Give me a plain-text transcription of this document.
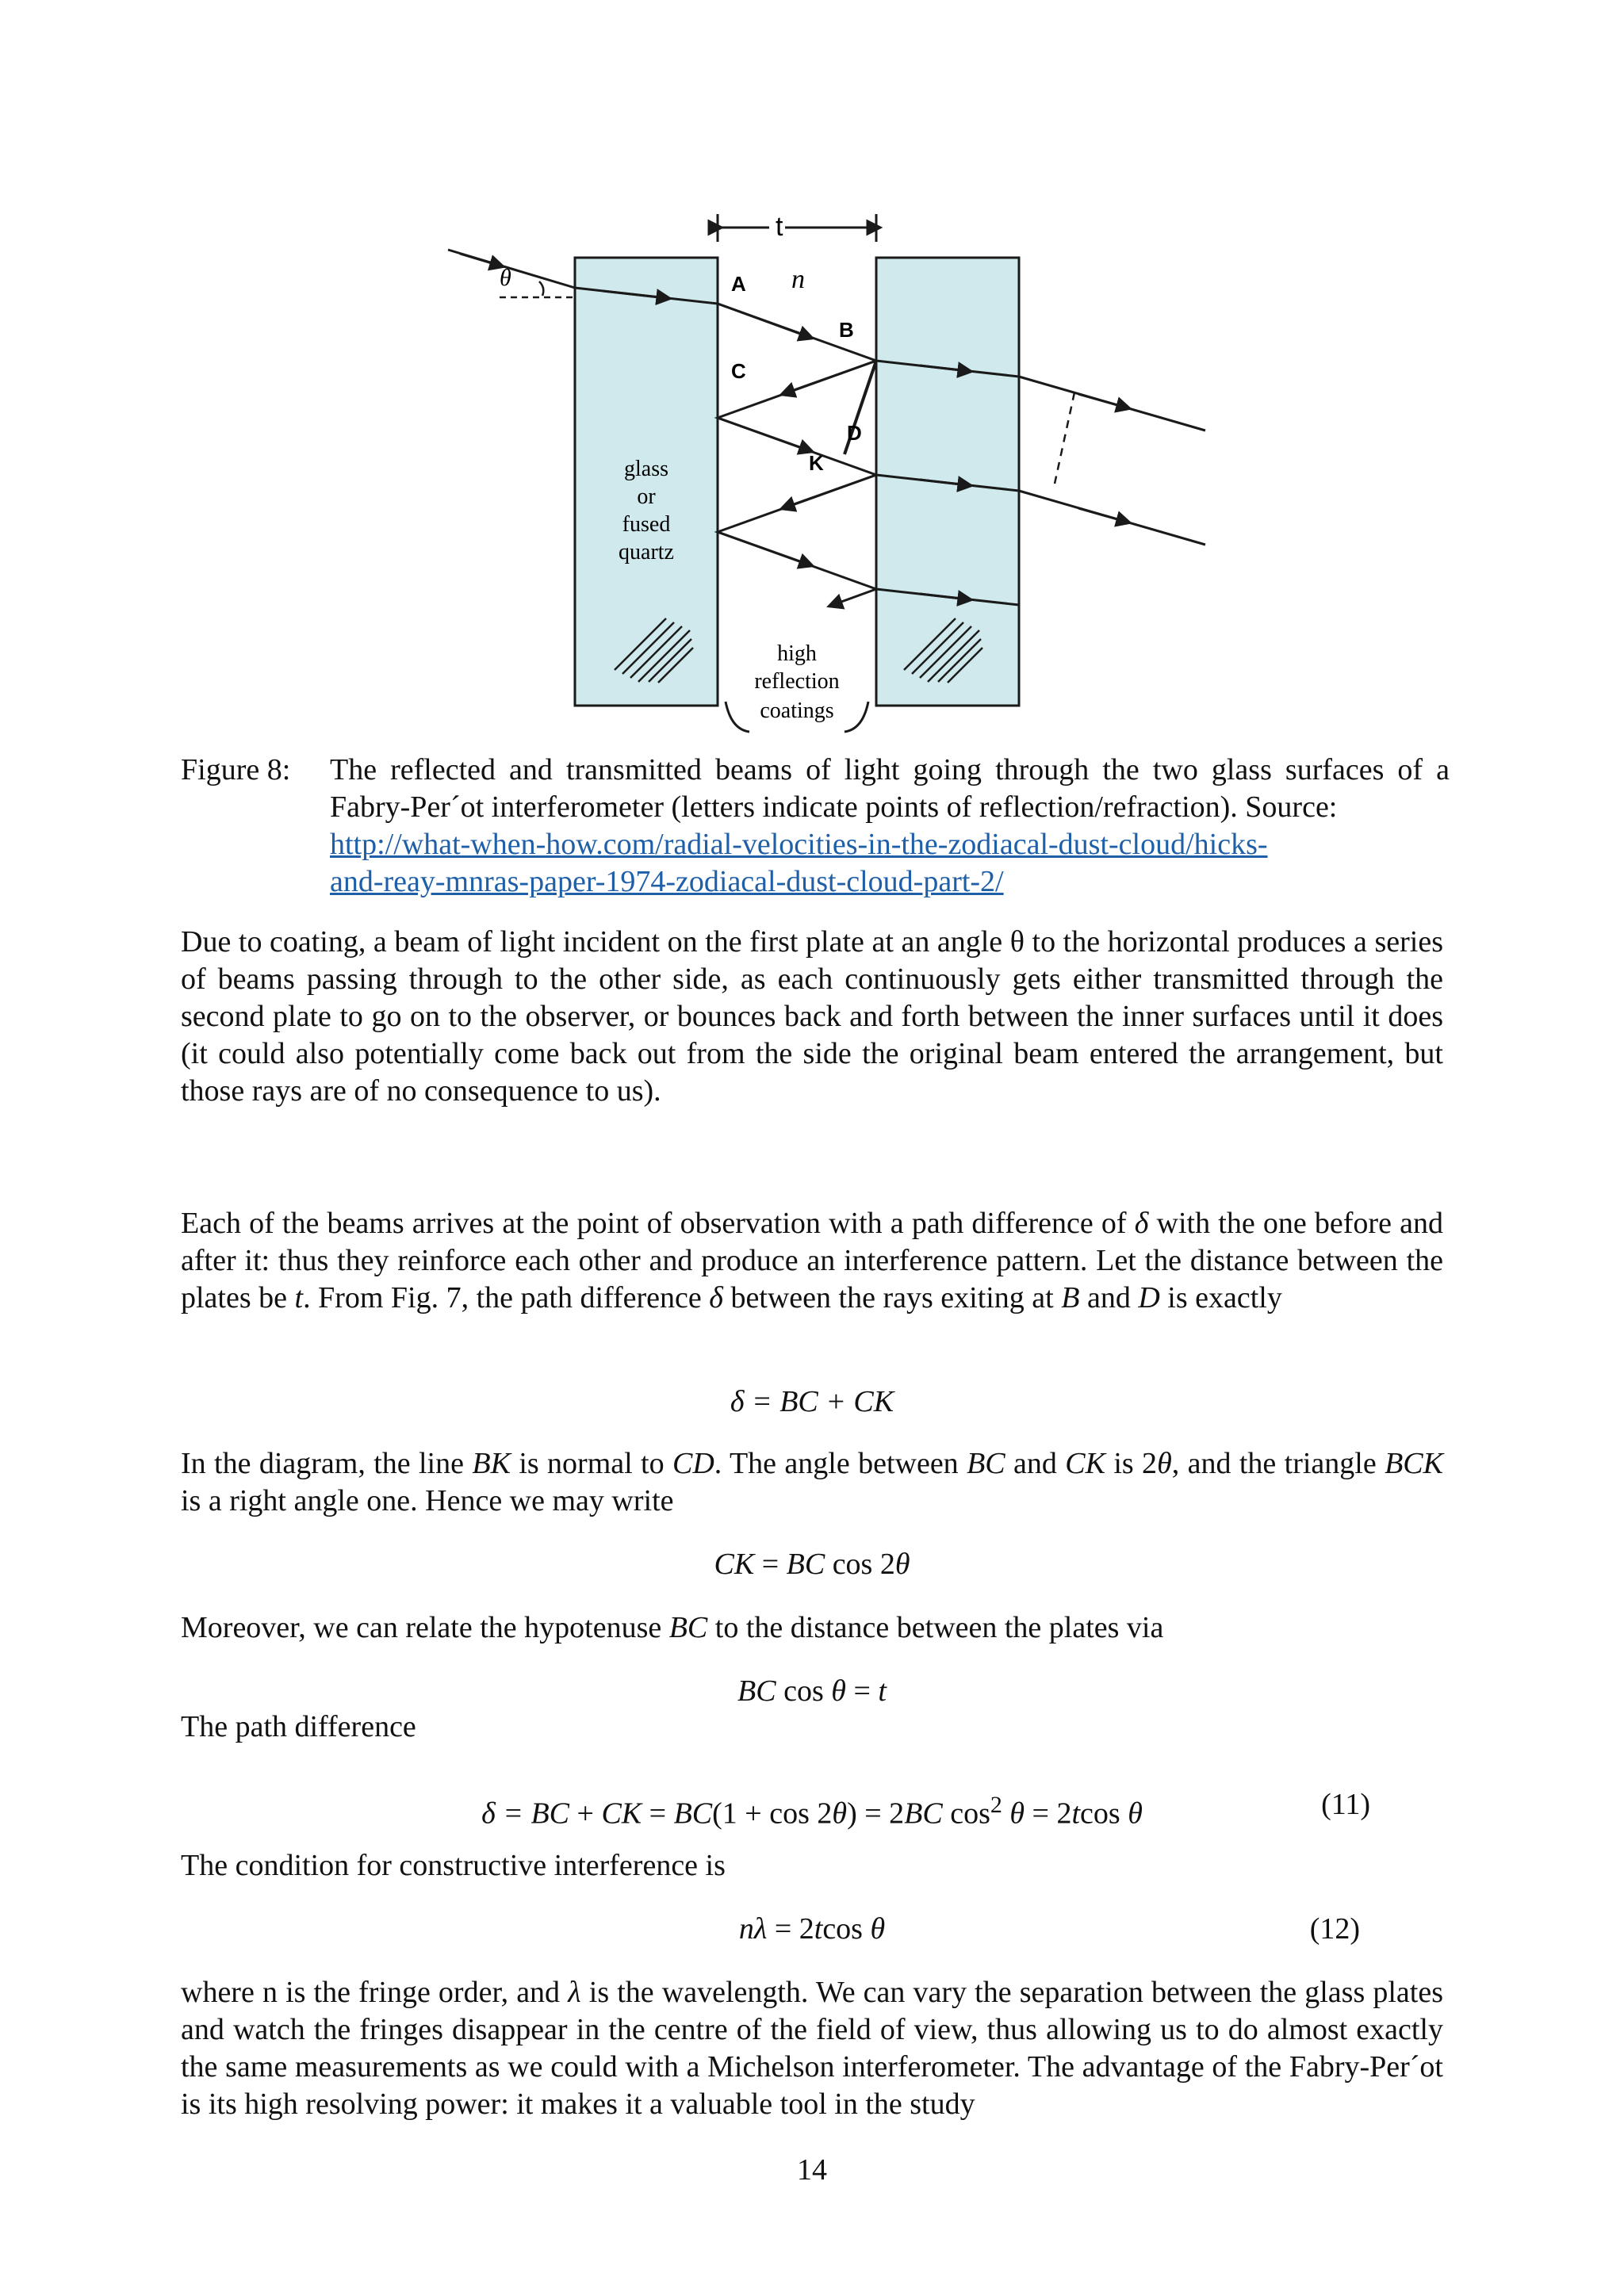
t
n
θ	A
B
C
D
K
glass
or
fused
quartz
high
reflection
coatings
Figure 8: The reflected and transmitted beams of light going through the two glass surfaces of a Fabry-Per´ot interferometer (letters indicate points of reflection/refraction). Source:
http://what-when-how.com/radial-velocities-in-the-zodiacal-dust-cloud/hicks-
and-reay-mnras-paper-1974-zodiacal-dust-cloud-part-2/

Due to coating, a beam of light incident on the first plate at an angle θ to the horizontal produces a series of beams passing through to the other side, as each continuously gets either transmitted through the second plate to go on to the observer, or bounces back and forth between the inner surfaces until it does (it could also potentially come back out from the side the original beam entered the arrangement, but those rays are of no consequence to us).

Each of the beams arrives at the point of observation with a path difference of δ with the one before and after it: thus they reinforce each other and produce an interference pattern. Let the distance between the plates be t. From Fig. 7, the path difference δ between the rays exiting at B and D is exactly

δ = BC + CK

In the diagram, the line BK is normal to CD. The angle between BC and CK is 2θ, and the triangle BCK is a right angle one. Hence we may write

CK = BC cos 2θ

Moreover, we can relate the hypotenuse BC to the distance between the plates via

BC cos θ = t

The path difference

δ = BC + CK = BC(1 + cos 2θ) = 2BC $\cos^2 \theta = 2tcos$ θ	(11)

The condition for constructive interference is

nλ = 2tcos θ	(12)

where n is the fringe order, and λ is the wavelength. We can vary the separation between the glass plates and watch the fringes disappear in the centre of the field of view, thus allowing us to do almost exactly the same measurements as we could with a Michelson interferometer. The advantage of the Fabry-Per´ot is its high resolving power: it makes it a valuable tool in the study

14
